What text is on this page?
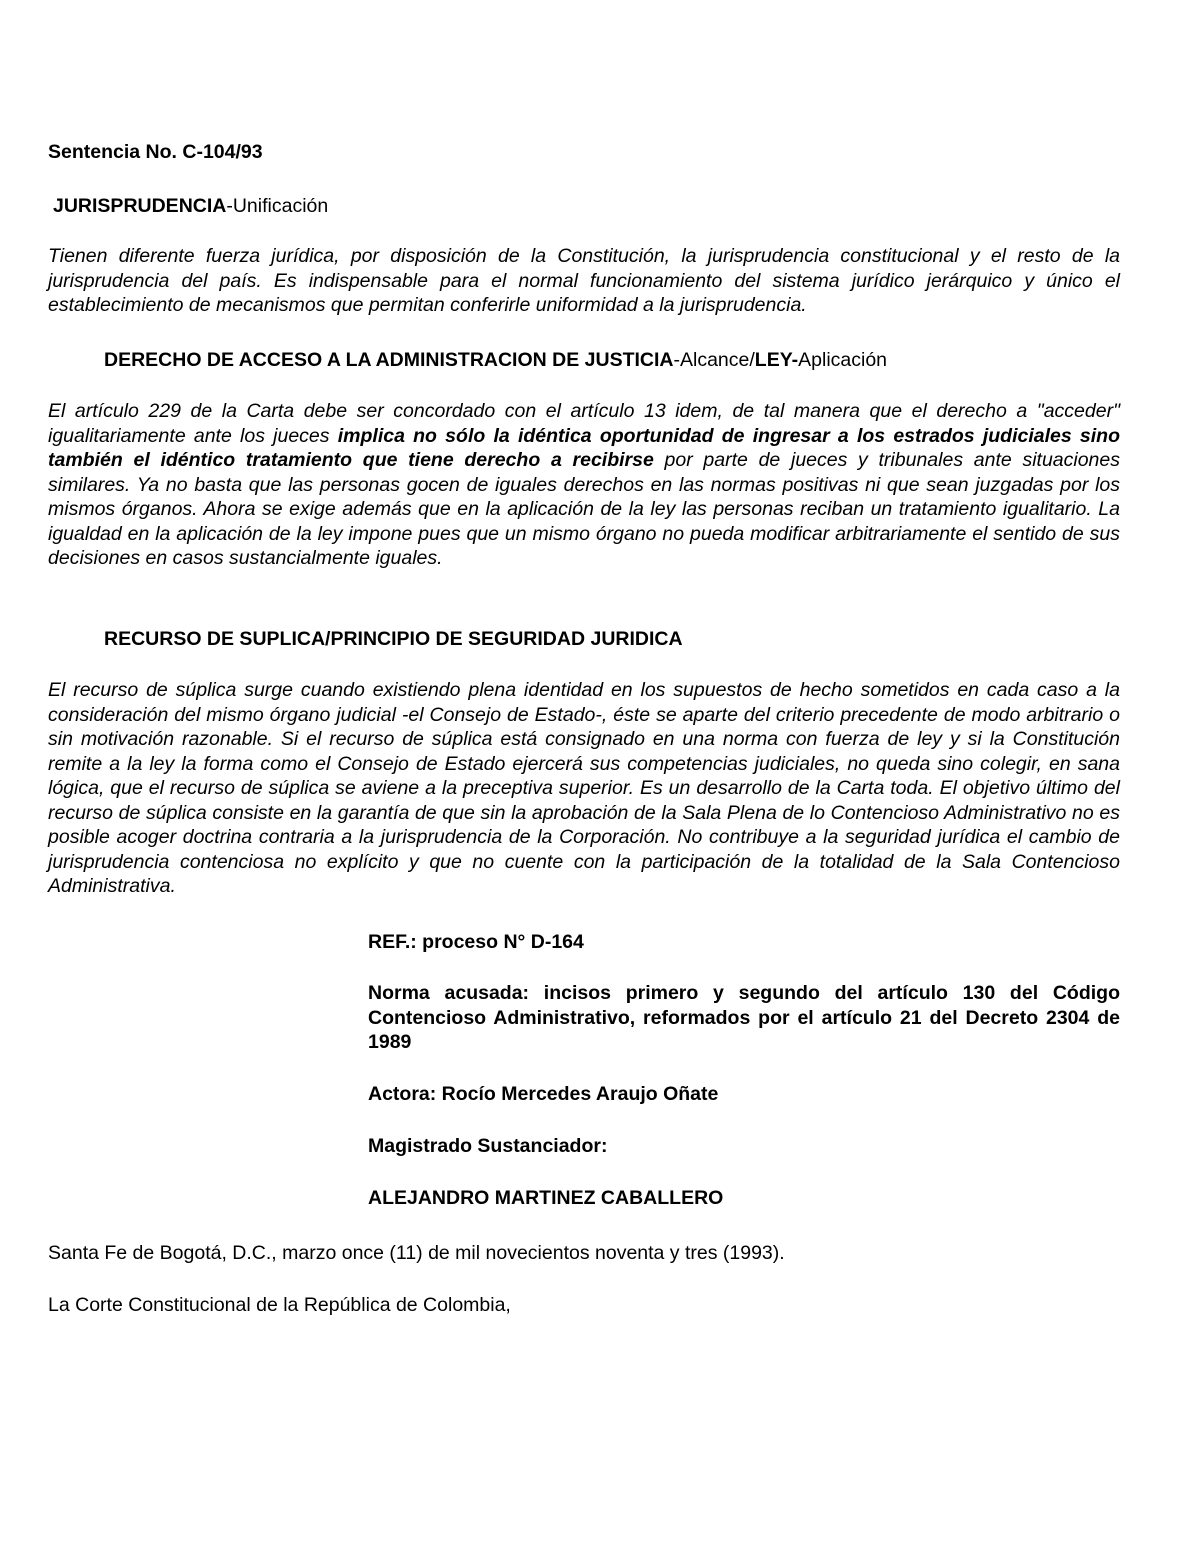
Sentencia No. C-104/93

JURISPRUDENCIA-Unificación

Tienen diferente fuerza jurídica, por disposición de la Constitución, la jurisprudencia constitucional y el resto de la jurisprudencia del país. Es indispensable para el normal funcionamiento del sistema jurídico jerárquico y único el establecimiento de mecanismos que permitan conferirle uniformidad a la jurisprudencia.

DERECHO DE ACCESO A LA ADMINISTRACION DE JUSTICIA-Alcance/LEY-Aplicación

El artículo 229 de la Carta debe ser concordado con el artículo 13 idem, de tal manera que el derecho a "acceder" igualitariamente ante los jueces implica no sólo la idéntica oportunidad de ingresar a los estrados judiciales sino también el idéntico tratamiento que tiene derecho a recibirse por parte de jueces y tribunales ante situaciones similares. Ya no basta que las personas gocen de iguales derechos en las normas positivas ni que sean juzgadas por los mismos órganos. Ahora se exige además que en la aplicación de la ley las personas reciban un tratamiento igualitario. La igualdad en la aplicación de la ley impone pues que un mismo órgano no pueda modificar arbitrariamente el sentido de sus decisiones en casos sustancialmente iguales.

RECURSO DE SUPLICA/PRINCIPIO DE SEGURIDAD JURIDICA

El recurso de súplica surge cuando existiendo plena identidad en los supuestos de hecho sometidos en cada caso a la consideración del mismo órgano judicial -el Consejo de Estado-, éste se aparte del criterio precedente de modo arbitrario o sin motivación razonable. Si el recurso de súplica está consignado en una norma con fuerza de ley y si la Constitución remite a la ley la forma como el Consejo de Estado ejercerá sus competencias judiciales, no queda sino colegir, en sana lógica, que el recurso de súplica se aviene a la preceptiva superior. Es un desarrollo de la Carta toda. El objetivo último del recurso de súplica consiste en la garantía de que sin la aprobación de la Sala Plena de lo Contencioso Administrativo no es posible acoger doctrina contraria a la jurisprudencia de la Corporación. No contribuye a la seguridad jurídica el cambio de jurisprudencia contenciosa no explícito y que no cuente con la participación de la totalidad de la Sala Contencioso Administrativa.

REF.: proceso N° D-164

Norma acusada: incisos primero y segundo del artículo 130 del Código Contencioso Administrativo, reformados por el artículo 21 del Decreto 2304 de 1989

Actora: Rocío Mercedes Araujo Oñate

Magistrado Sustanciador:

ALEJANDRO MARTINEZ CABALLERO

Santa Fe de Bogotá, D.C., marzo once (11) de mil novecientos noventa y tres (1993).

La Corte Constitucional de la República de Colombia,
